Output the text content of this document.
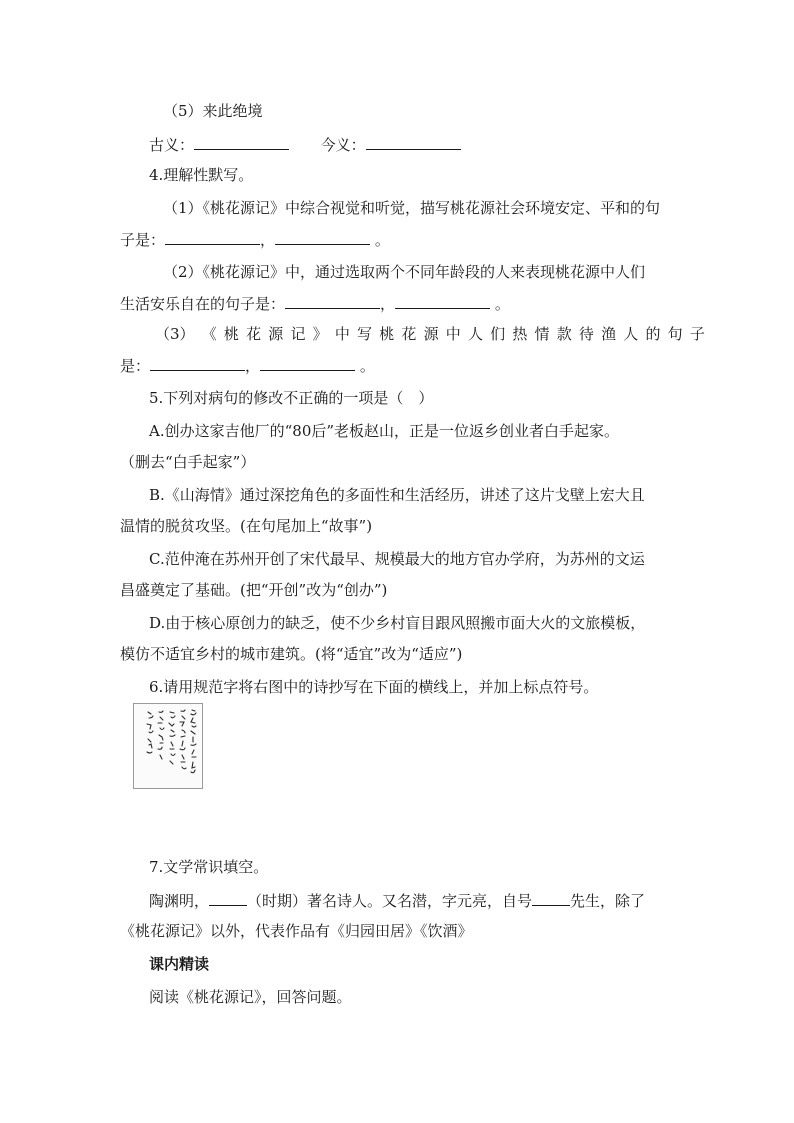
（5）来此绝境
古义：	今义：
4.理解性默写。
（1）《桃花源记》中综合视觉和听觉，描写桃花源社会环境安定、平和的句
子是：	，	。
（2）《桃花源记》中，通过选取两个不同年龄段的人来表现桃花源中人们
生活安乐自在的句子是：	，	。
（3） 《 桃 花 源 记 》 中 写 桃 花 源 中 人 们 热 情 款 待 渔 人 的 句 子
是：	，	。
5.下列对病句的修改不正确的一项是（　）
A.创办这家吉他厂的“80后”老板赵山，正是一位返乡创业者白手起家。
（删去“白手起家”）
B.《山海情》通过深挖角色的多面性和生活经历，讲述了这片戈壁上宏大且
温情的脱贫攻坚。(在句尾加上“故事”)
C.范仲淹在苏州开创了宋代最早、规模最大的地方官办学府，为苏州的文运
昌盛奠定了基础。(把“开创”改为“创办”)
D.由于核心原创力的缺乏，使不少乡村盲目跟风照搬市面大火的文旅模板，
模仿不适宜乡村的城市建筑。(将“适宜”改为“适应”)
6.请用规范字将右图中的诗抄写在下面的横线上，并加上标点符号。
7.文学常识填空。
陶渊明，	（时期）著名诗人。又名潜，字元亮，自号	先生，除了
《桃花源记》以外，代表作品有《归园田居》《饮酒》
课内精读
阅读《桃花源记》，回答问题。
